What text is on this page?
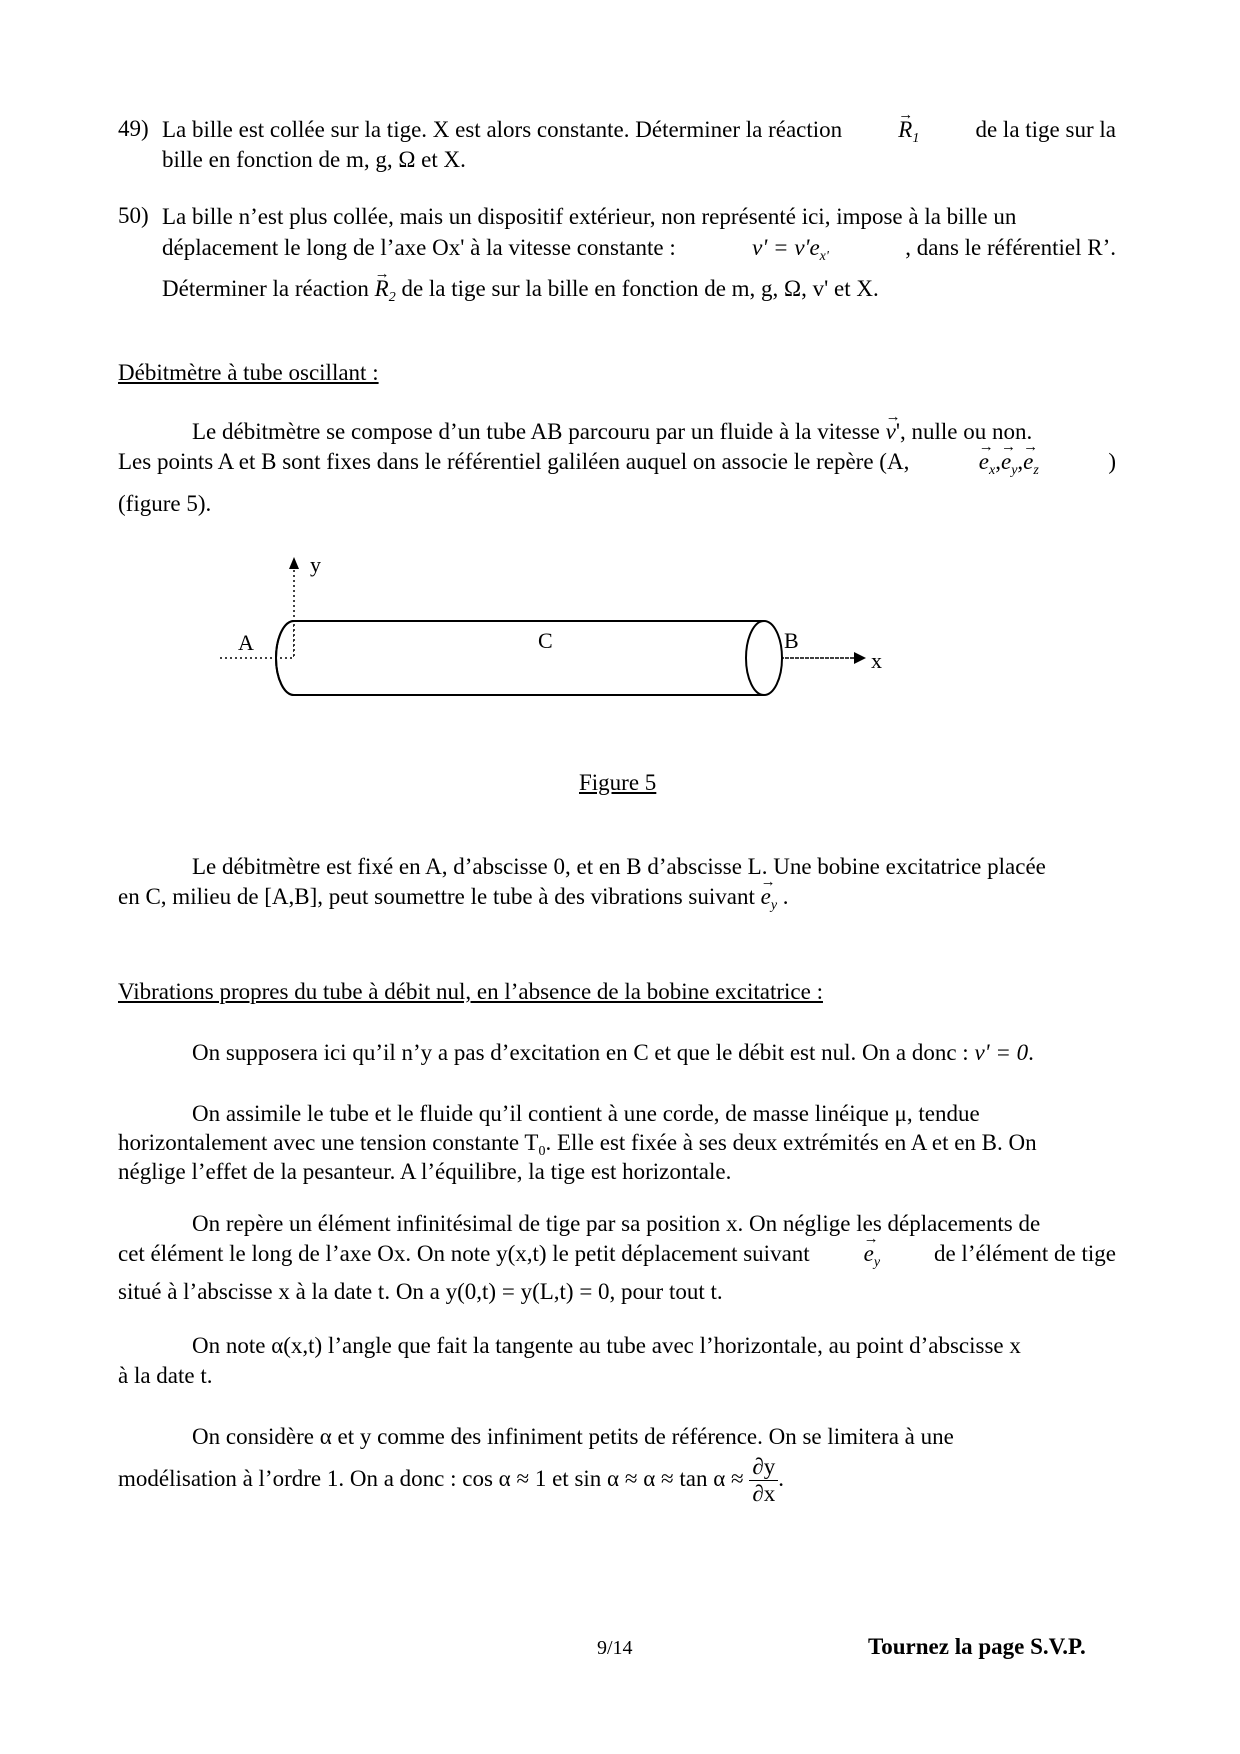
49) La bille est collée sur la tige. X est alors constante. Déterminer la réaction → $R_1$ de la tige sur la
bille en fonction de m, g, Ω et X.
50) La bille n’est plus collée, mais un dispositif extérieur, non représenté ici, impose à la bille un
déplacement le long de l’axe Ox' à la vitesse constante :	$v' = v'e_{x'}$	, dans le référentiel R’.
Déterminer la réaction → $R_2$ de la tige sur la bille en fonction de m, g, Ω, v' et X.
Débitmètre à tube oscillant :
Le débitmètre se compose d’un tube AB parcouru par un fluide à la vitesse → v', nulle ou non.
Les points A et B sont fixes dans le référentiel galiléen auquel on associe le repère (A,	→ $e_x,\to e_y,\to e_z$	)
(figure 5).
y
x
A	C	B
Figure 5
Le débitmètre est fixé en A, d’abscisse 0, et en B d’abscisse L. Une bobine excitatrice placée
en C, milieu de [A,B], peut soumettre le tube à des vibrations suivant → $e_y$ .
Vibrations propres du tube à débit nul, en l’absence de la bobine excitatrice :
On supposera ici qu’il n’y a pas d’excitation en C et que le débit est nul. On a donc : v' = 0.
On assimile le tube et le fluide qu’il contient à une corde, de masse linéique μ, tendue
horizontalement avec une tension constante $T_0$. Elle est fixée à ses deux extrémités en A et en B. On
néglige l’effet de la pesanteur. A l’équilibre, la tige est horizontale.
On repère un élément infinitésimal de tige par sa position x. On néglige les déplacements de
cet élément le long de l’axe Ox. On note y(x,t) le petit déplacement suivant → $e_y$ de l’élément de tige
situé à l’abscisse x à la date t. On a y(0,t) = y(L,t) = 0, pour tout t.
On note α(x,t) l’angle que fait la tangente au tube avec l’horizontale, au point d’abscisse x
à la date t.
On considère α et y comme des infiniment petits de référence. On se limitera à une
modélisation à l’ordre 1. On a donc : cos α ≈ 1 et $\sin \alpha \approx \alpha \approx \tan \alpha \approx \frac{\partial y}{\partial x}$ .
9/14	Tournez la page S.V.P.
